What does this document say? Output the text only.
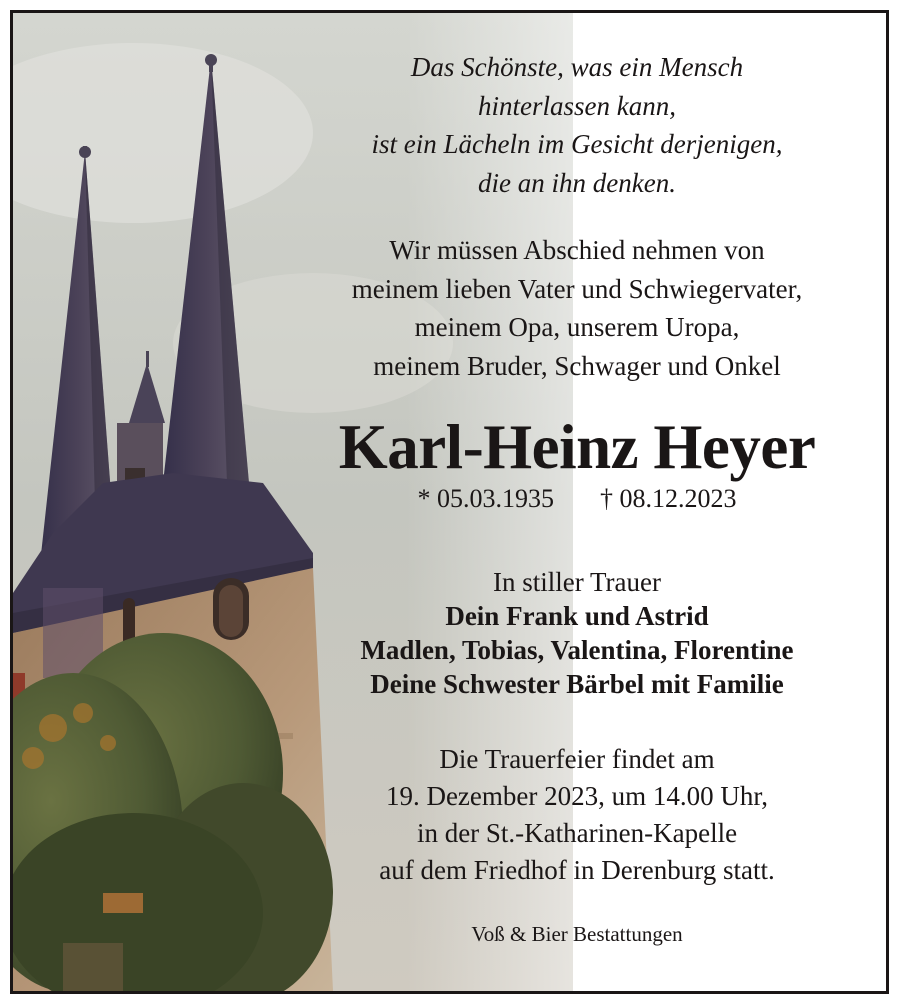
Das Schönste, was ein Mensch
hinterlassen kann,
ist ein Lächeln im Gesicht derjenigen,
die an ihn denken.
Wir müssen Abschied nehmen von
meinem lieben Vater und Schwiegervater,
meinem Opa, unserem Uropa,
meinem Bruder, Schwager und Onkel
Karl-Heinz Heyer
* 05.03.1935 † 08.12.2023
In stiller Trauer
Dein Frank und Astrid
Madlen, Tobias, Valentina, Florentine
Deine Schwester Bärbel mit Familie
Die Trauerfeier findet am
19. Dezember 2023, um 14.00 Uhr,
in der St.-Katharinen-Kapelle
auf dem Friedhof in Derenburg statt.
Voß & Bier Bestattungen
